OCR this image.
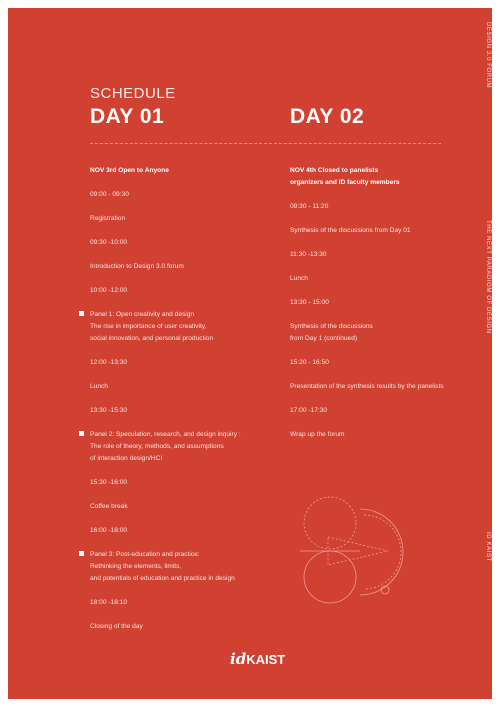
DESIGN 3.0 FORUM
THE NEXT PARADIGM OF DESIGN
ID KAIST
SCHEDULE
DAY 01	DAY 02
NOV 3rd Open to Anyone
09:00 - 09:30
Registration
09:30 -10:00
Introduction to Design 3.0 forum
10:00 -12:00
Panel 1: Open creativity and design
The rise in importance of user creativity,
social innovation, and personal production
12:00 -13:30
Lunch
13:30 -15:30
Panel 2: Speculation, research, and design inquiry :
The role of theory, methods, and assumptions
of interaction design/HCI
15:30 -16:00
Coffee break
16:00 -18:00
Panel 3: Post-education and practice:
Rethinking the elements, limits,
and potentials of education and practice in design
18:00 -18:10
Closing of the day
NOV 4th Closed to panelists
organizers and ID faculty members
09:30 - 11:20
Synthesis of the discussions from Day 01
11:30 -13:30
Lunch
13:30 - 15:00
Synthesis of the discussions
from Day 1 (continued)
15:20 - 16:50
Presentation of the synthesis results by the panelists
17:00 -17:30
Wrap up the forum
idKAIST
